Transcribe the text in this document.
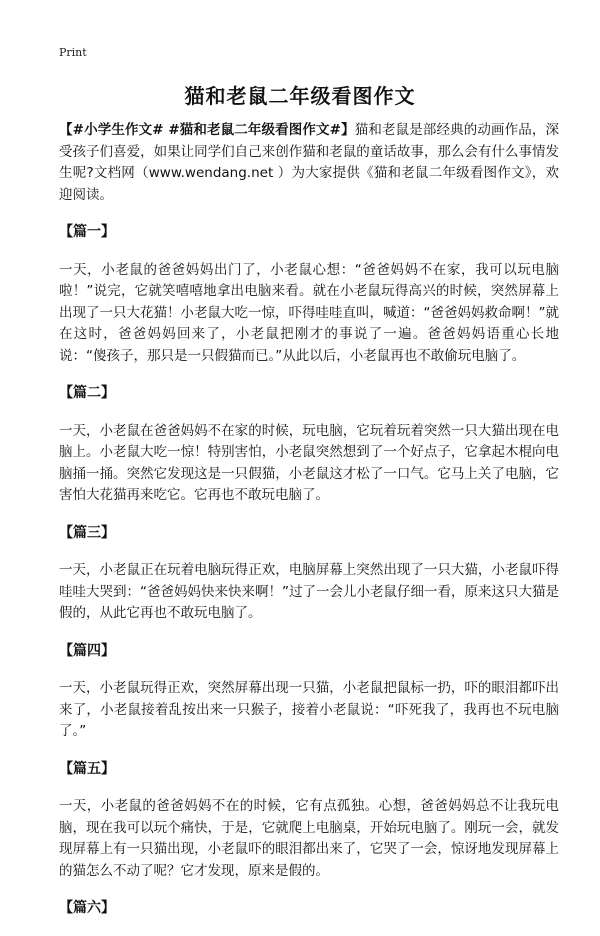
Print
猫和老鼠二年级看图作文

【#小学生作文# #猫和老鼠二年级看图作文#】猫和老鼠是部经典的动画作品，深受孩子们喜爱，如果让同学们自己来创作猫和老鼠的童话故事，那么会有什么事情发生呢?文档网（www.wendang.net ）为大家提供《猫和老鼠二年级看图作文》，欢迎阅读。

【篇一】

一天，小老鼠的爸爸妈妈出门了，小老鼠心想：“爸爸妈妈不在家，我可以玩电脑啦！”说完，它就笑嘻嘻地拿出电脑来看。就在小老鼠玩得高兴的时候，突然屏幕上出现了一只大花猫！小老鼠大吃一惊，吓得哇哇直叫，喊道：“爸爸妈妈救命啊！”就在这时，爸爸妈妈回来了，小老鼠把刚才的事说了一遍。爸爸妈妈语重心长地说：“傻孩子，那只是一只假猫而已。”从此以后，小老鼠再也不敢偷玩电脑了。

【篇二】

一天，小老鼠在爸爸妈妈不在家的时候，玩电脑，它玩着玩着突然一只大猫出现在电脑上。小老鼠大吃一惊！特别害怕，小老鼠突然想到了一个好点子，它拿起木棍向电脑捅一捅。突然它发现这是一只假猫，小老鼠这才松了一口气。它马上关了电脑，它害怕大花猫再来吃它。它再也不敢玩电脑了。

【篇三】

一天，小老鼠正在玩着电脑玩得正欢，电脑屏幕上突然出现了一只大猫，小老鼠吓得哇哇大哭到：“爸爸妈妈快来快来啊！”过了一会儿小老鼠仔细一看，原来这只大猫是假的，从此它再也不敢玩电脑了。

【篇四】

一天，小老鼠玩得正欢，突然屏幕出现一只猫，小老鼠把鼠标一扔，吓的眼泪都吓出来了，小老鼠接着乱按出来一只猴子，接着小老鼠说：“吓死我了，我再也不玩电脑了。”

【篇五】

一天，小老鼠的爸爸妈妈不在的时候，它有点孤独。心想，爸爸妈妈总不让我玩电脑，现在我可以玩个痛快，于是，它就爬上电脑桌，开始玩电脑了。刚玩一会，就发现屏幕上有一只猫出现，小老鼠吓的眼泪都出来了，它哭了一会，惊讶地发现屏幕上的猫怎么不动了呢？它才发现，原来是假的。

【篇六】
